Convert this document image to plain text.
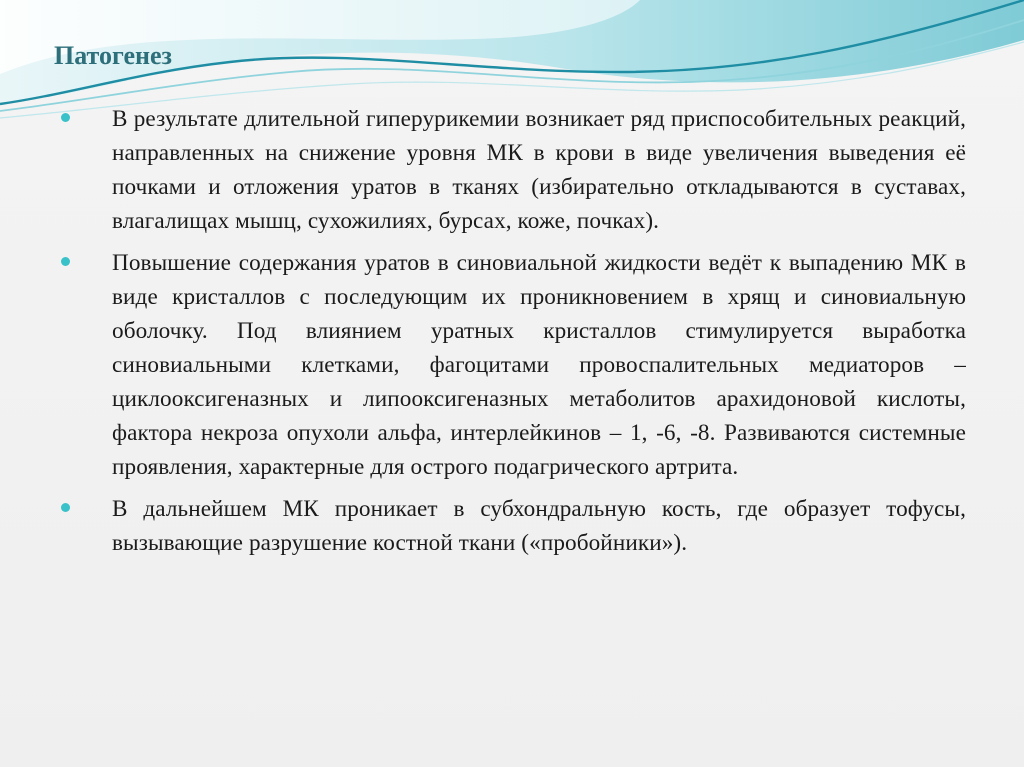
Патогенез
В результате длительной гиперурикемии возникает ряд приспособительных реакций, направленных на снижение уровня МК в крови в виде увеличения выведения её почками и отложения уратов в тканях (избирательно откладываются в суставах, влагалищах мышц, сухожилиях, бурсах, коже, почках).
Повышение содержания уратов в синовиальной жидкости ведёт к выпадению МК в виде кристаллов с последующим их проникновением в хрящ и синовиальную оболочку. Под влиянием уратных кристаллов стимулируется выработка синовиальными клетками, фагоцитами провоспалительных медиаторов – циклооксигеназных и липооксигеназных метаболитов арахидоновой кислоты, фактора некроза опухоли альфа, интерлейкинов – 1, -6, -8. Развиваются системные проявления, характерные для острого подагрического артрита.
В дальнейшем МК проникает в субхондральную кость, где образует тофусы, вызывающие разрушение костной ткани («пробойники»).
